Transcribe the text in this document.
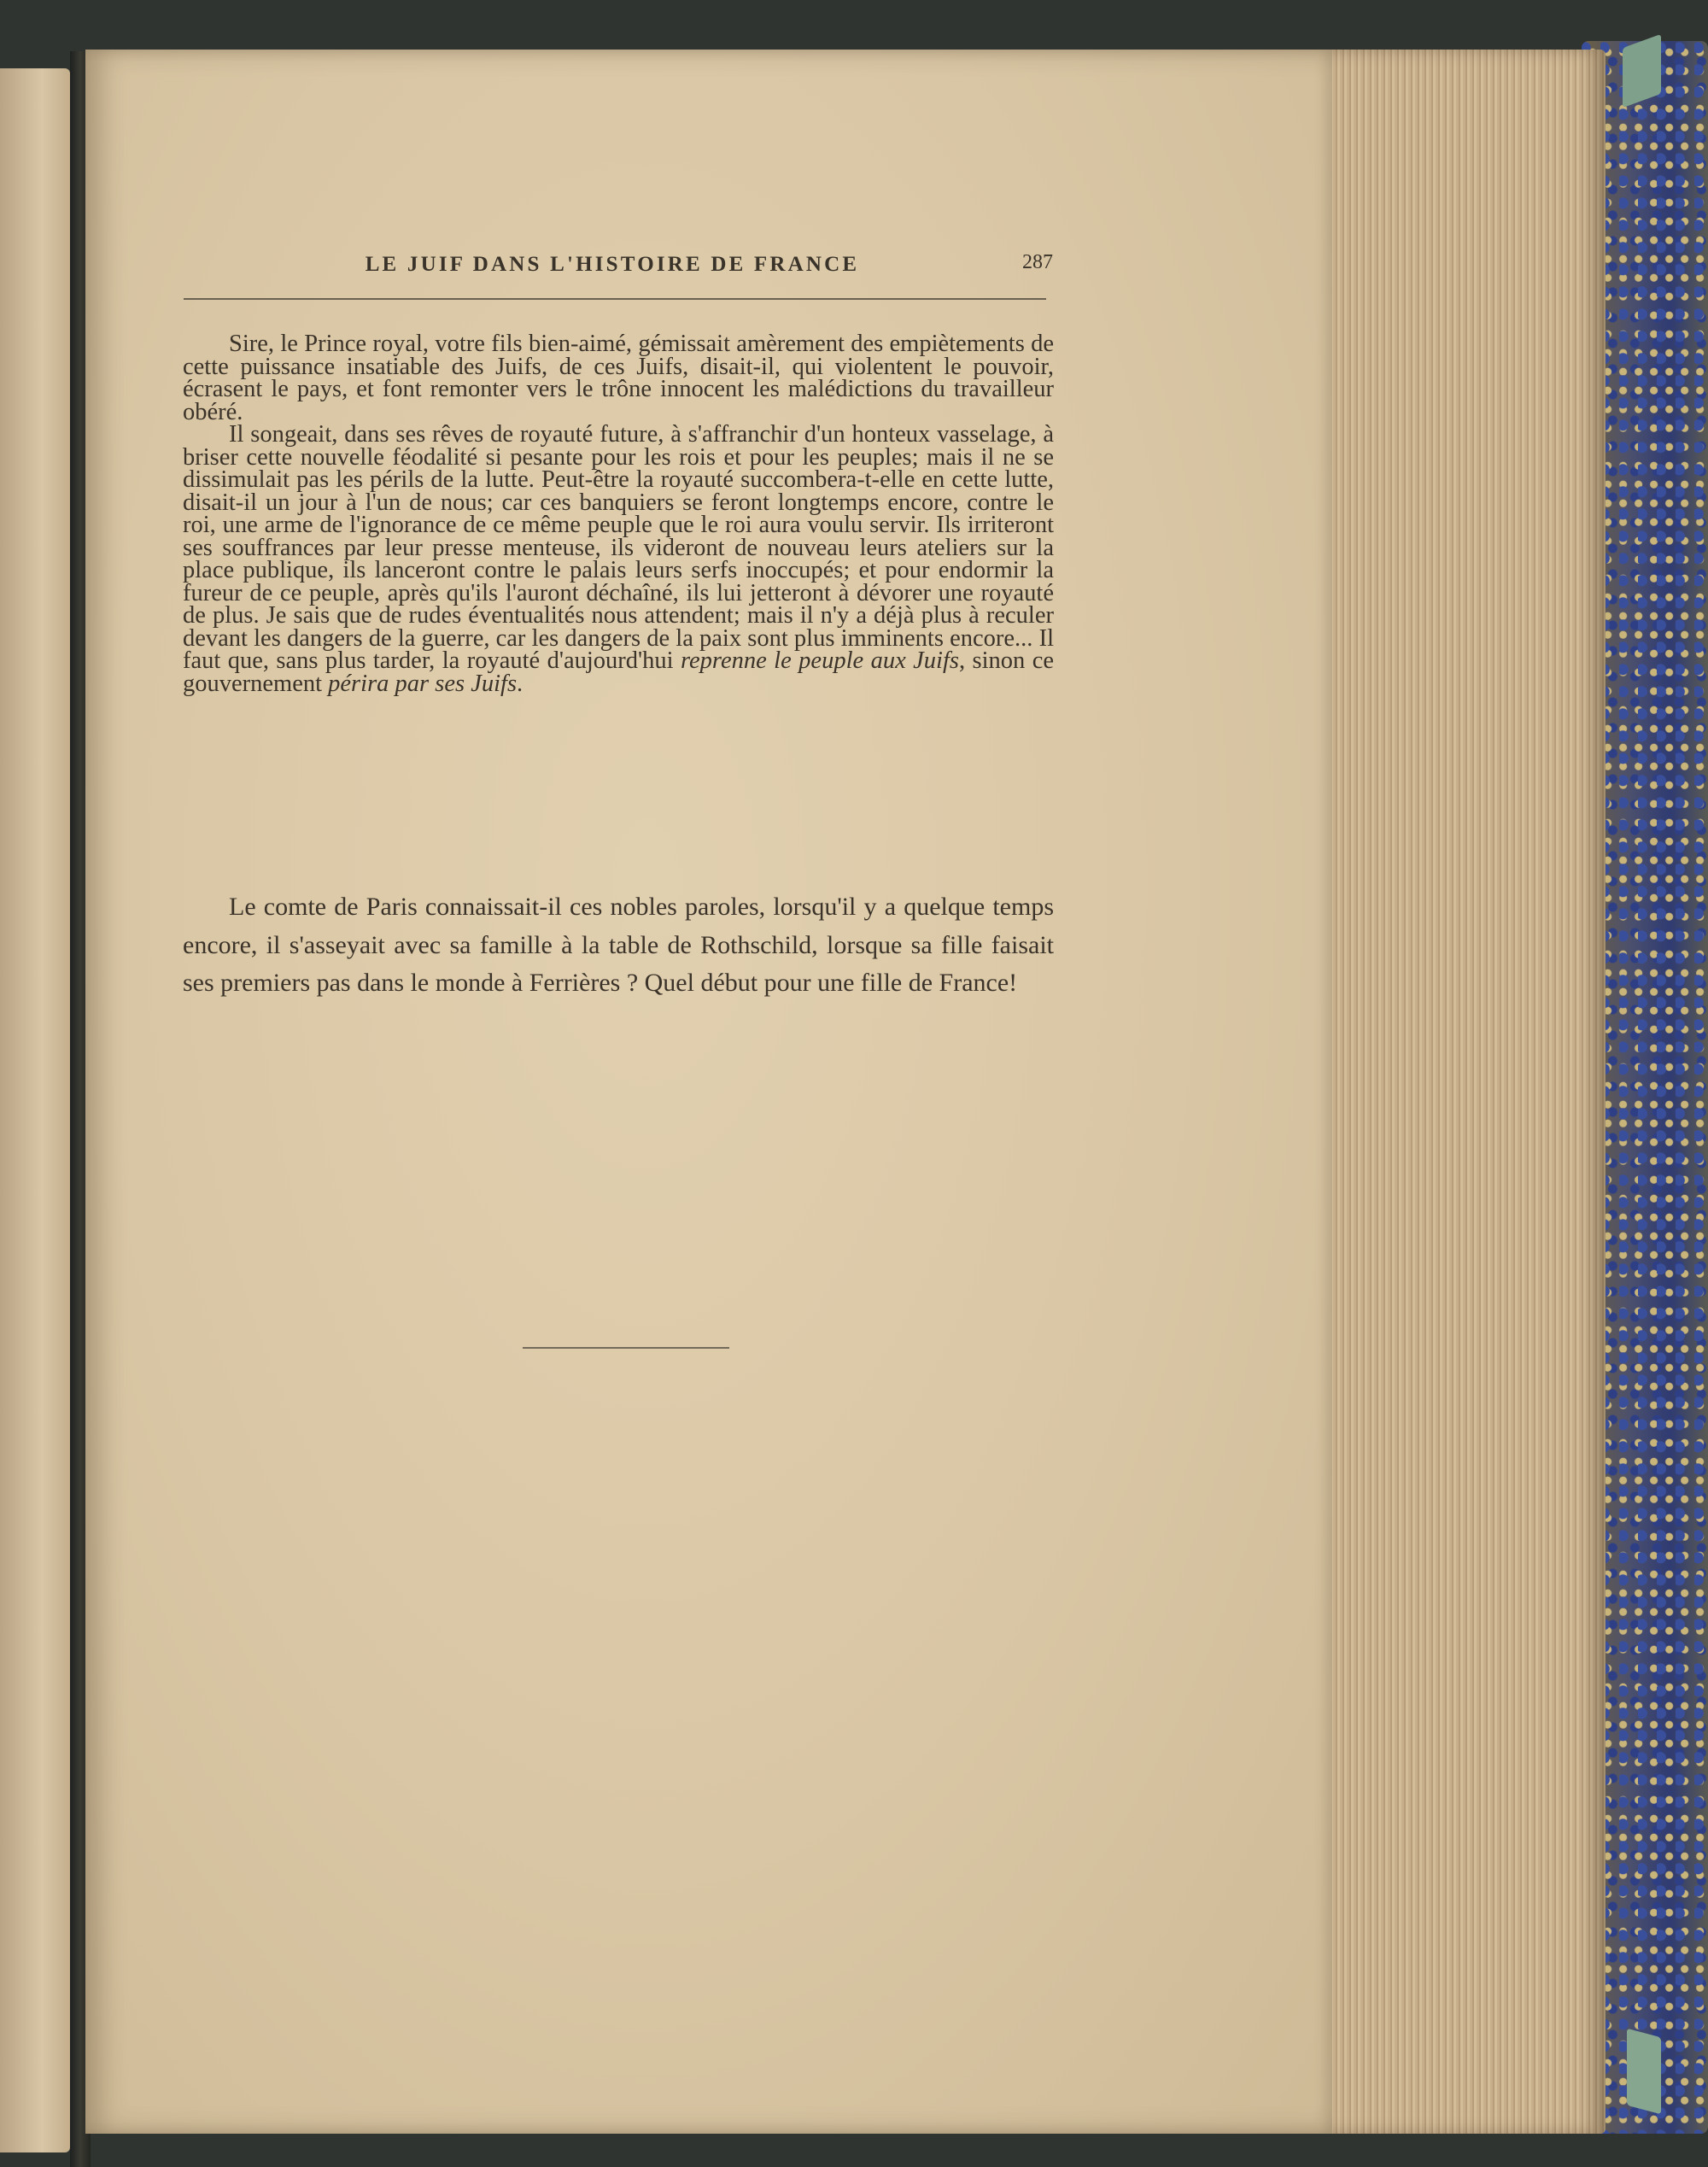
LE JUIF DANS L'HISTOIRE DE FRANCE	287

Sire, le Prince royal, votre fils bien-aimé, gémissait amèrement des empiètements de cette puissance insatiable des Juifs, de ces Juifs, disait-il, qui violentent le pouvoir, écrasent le pays, et font remonter vers le trône innocent les malédictions du travailleur obéré.

Il songeait, dans ses rêves de royauté future, à s'affranchir d'un honteux vasselage, à briser cette nouvelle féodalité si pesante pour les rois et pour les peuples; mais il ne se dissimulait pas les périls de la lutte. Peut-être la royauté succombera-t-elle en cette lutte, disait-il un jour à l'un de nous; car ces banquiers se feront longtemps encore, contre le roi, une arme de l'ignorance de ce même peuple que le roi aura voulu servir. Ils irriteront ses souffrances par leur presse menteuse, ils videront de nouveau leurs ateliers sur la place publique, ils lanceront contre le palais leurs serfs inoccupés; et pour endormir la fureur de ce peuple, après qu'ils l'auront déchaîné, ils lui jetteront à dévorer une royauté de plus. Je sais que de rudes éventualités nous attendent; mais il n'y a déjà plus à reculer devant les dangers de la guerre, car les dangers de la paix sont plus imminents encore... Il faut que, sans plus tarder, la royauté d'aujourd'hui reprenne le peuple aux Juifs, sinon ce gouvernement périra par ses Juifs.

Le comte de Paris connaissait-il ces nobles paroles, lorsqu'il y a quelque temps encore, il s'asseyait avec sa famille à la table de Rothschild, lorsque sa fille faisait ses premiers pas dans le monde à Ferrières ? Quel début pour une fille de France!
